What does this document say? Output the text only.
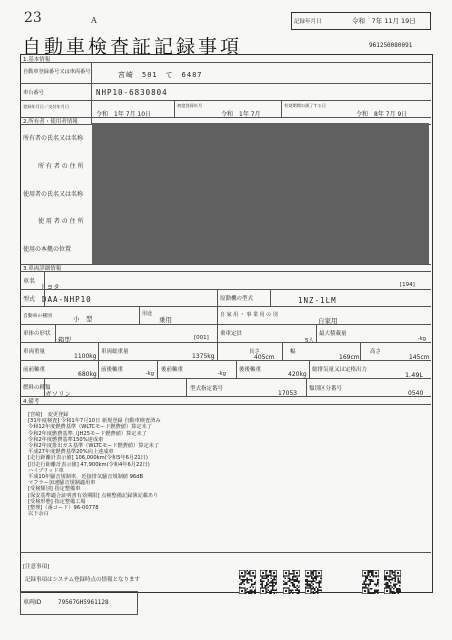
23	A	記録年月日	令和　7年 11月 19日
自動車検査証記録事項	961250080091
1.基本情報
自動車登録番号又は車両番号	宮崎　501　て　6487
車台番号	NHP10-6830804
登録年月日／交付年月日
令和　1年 7月 10日
初度登録年月
令和　1年 7月
有効期間の満了する日
令和　8年 7月 9日
2.所有者・使用者情報
所有者の氏名又は名称
所 有 者 の 住 所
使用者の氏名又は名称
使 用 者 の 住 所
使用の本拠の位置
3.車両詳細情報
車名
トヨタ	[194]
型式 DAA-NHP10	原動機の型式	1NZ-1LM
自動車の種別	小　型
用途
乗用
自 家 用 ・ 事 業 用 の 別
自家用
車体の形状
箱型	[001]
乗車定員
5人
最大積載量
-kg
車両重量
1100kg
車両総重量
1375kg
長さ
405cm
幅
169cm
高さ
145cm
前前軸重
680kg
前後軸重
-kg
後前軸重
-kg
後後軸重
420kg
総排気量又は定格出力
1.49L
燃料の種類
ガソリン
型式指定番号
17053
類別区分番号
0540
4.備考
[宮崎]　変更登録
[31年度検査] 令和1年7月10日 新規登録 自動車検査済み
令和12年度燃費基準（WLTCモード燃費値）算定未了
令和2年度燃費基準（JH25モード燃費値）算定未了
令和2年度燃費基準150%達成車
令和2年度排出ガス基準（WLTCモード燃費値）算定未了
平成27年度燃費基準20%向上達成車
[走行距離計表示値] 106,000km(令和5年6月21日)
[旧走行距離計表示値] 47,900km(令和4年6月22日)
ハイブリッド車
平成10年騒音規制車、近接排気騒音規制値 96dB
マフラー加速騒音規制適用車
[受検類別] 指定整備車
[保安基準適合証明書有効期限] 点検整備記録簿記載あり
[受検形態] 指定整備工場
[整理]（番コード）96-00778
以下余白
[注意事項]
記録事項はシステム登録時点の情報となります
車両ID	79567GH5961128
